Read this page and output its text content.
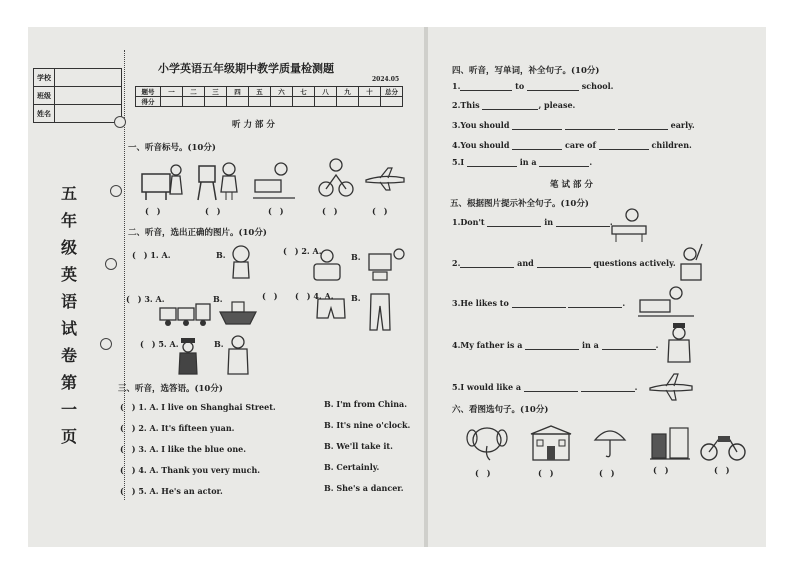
学校	
班级	
姓名	
五
年
级
英
语
试
卷
第
一
页
小学英语五年级期中教学质量检测题
2024.05
题号	一	二	三	四	五	六	七	八	九	十	总分
得分											
听 力 部 分
一、听音标号。(10分)
(　)	(　)	(　)	(　)	(　)
二、听音，选出正确的图片。(10分)
(　) 1. A.	B.	(　) 2. A.
B.
(　) 3. A.	B.	(　) (　) 4. A. B.
(　) 5. A.	B.
三、听音，选答语。(10分)
(　) 1. A. I live on Shanghai Street.	B. I'm from China.
(　) 2. A. It's fifteen yuan.	B. It's nine o'clock.
(　) 3. A. I like the blue one.	B. We'll take it.
(　) 4. A. Thank you very much.	B. Certainly.
(　) 5. A. He's an actor.	B. She's a dancer.
四、听音，写单词，补全句子。(10分)
1.	to	school.
2.This	, please.
3.You should	early.
4.You should	care of	children.
5.I	in a	.
笔 试 部 分
五、根据图片提示补全句子。(10分)
1.Don't	in	.
2.	and	questions actively.
3.He likes to	.
4.My father is a	in a	.
5.I would like a	.
六、看图选句子。(10分)
(　)	(　)	(　)	(　)	(　)
